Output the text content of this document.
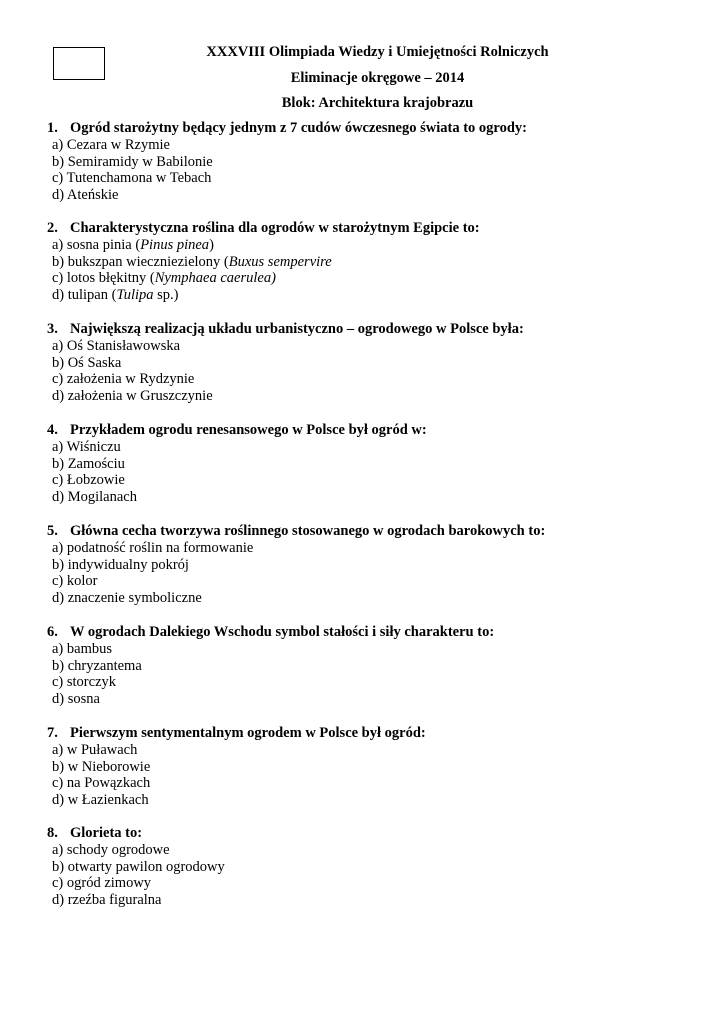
XXXVIII Olimpiada Wiedzy i Umiejętności Rolniczych
Eliminacje okręgowe – 2014
Blok: Architektura krajobrazu
1. Ogród starożytny będący jednym z 7 cudów ówczesnego świata to ogrody:
a) Cezara w Rzymie
b) Semiramidy w Babilonie
c) Tutenchamona w Tebach
d) Ateńskie
2. Charakterystyczna roślina dla ogrodów w starożytnym Egipcie to:
a) sosna pinia (Pinus pinea)
b) bukszpan wieczniezielony (Buxus sempervire
c) lotos błękitny (Nymphaea caerulea)
d) tulipan (Tulipa sp.)
3. Największą realizacją układu urbanistyczno – ogrodowego w Polsce była:
a) Oś Stanisławowska
b) Oś Saska
c) założenia w Rydzynie
d) założenia w Gruszczynie
4. Przykładem ogrodu renesansowego w Polsce był ogród w:
a) Wiśniczu
b) Zamościu
c) Łobzowie
d) Mogilanach
5. Główna cecha tworzywa roślinnego stosowanego w ogrodach barokowych to:
a) podatność roślin na formowanie
b) indywidualny pokrój
c) kolor
d) znaczenie symboliczne
6. W ogrodach Dalekiego Wschodu symbol stałości i siły charakteru to:
a) bambus
b) chryzantema
c) storczyk
d) sosna
7. Pierwszym sentymentalnym ogrodem w Polsce był ogród:
a) w Puławach
b) w Nieborowie
c) na Powązkach
d) w Łazienkach
8. Glorieta to:
a) schody ogrodowe
b) otwarty pawilon ogrodowy
c) ogród zimowy
d) rzeźba figuralna
